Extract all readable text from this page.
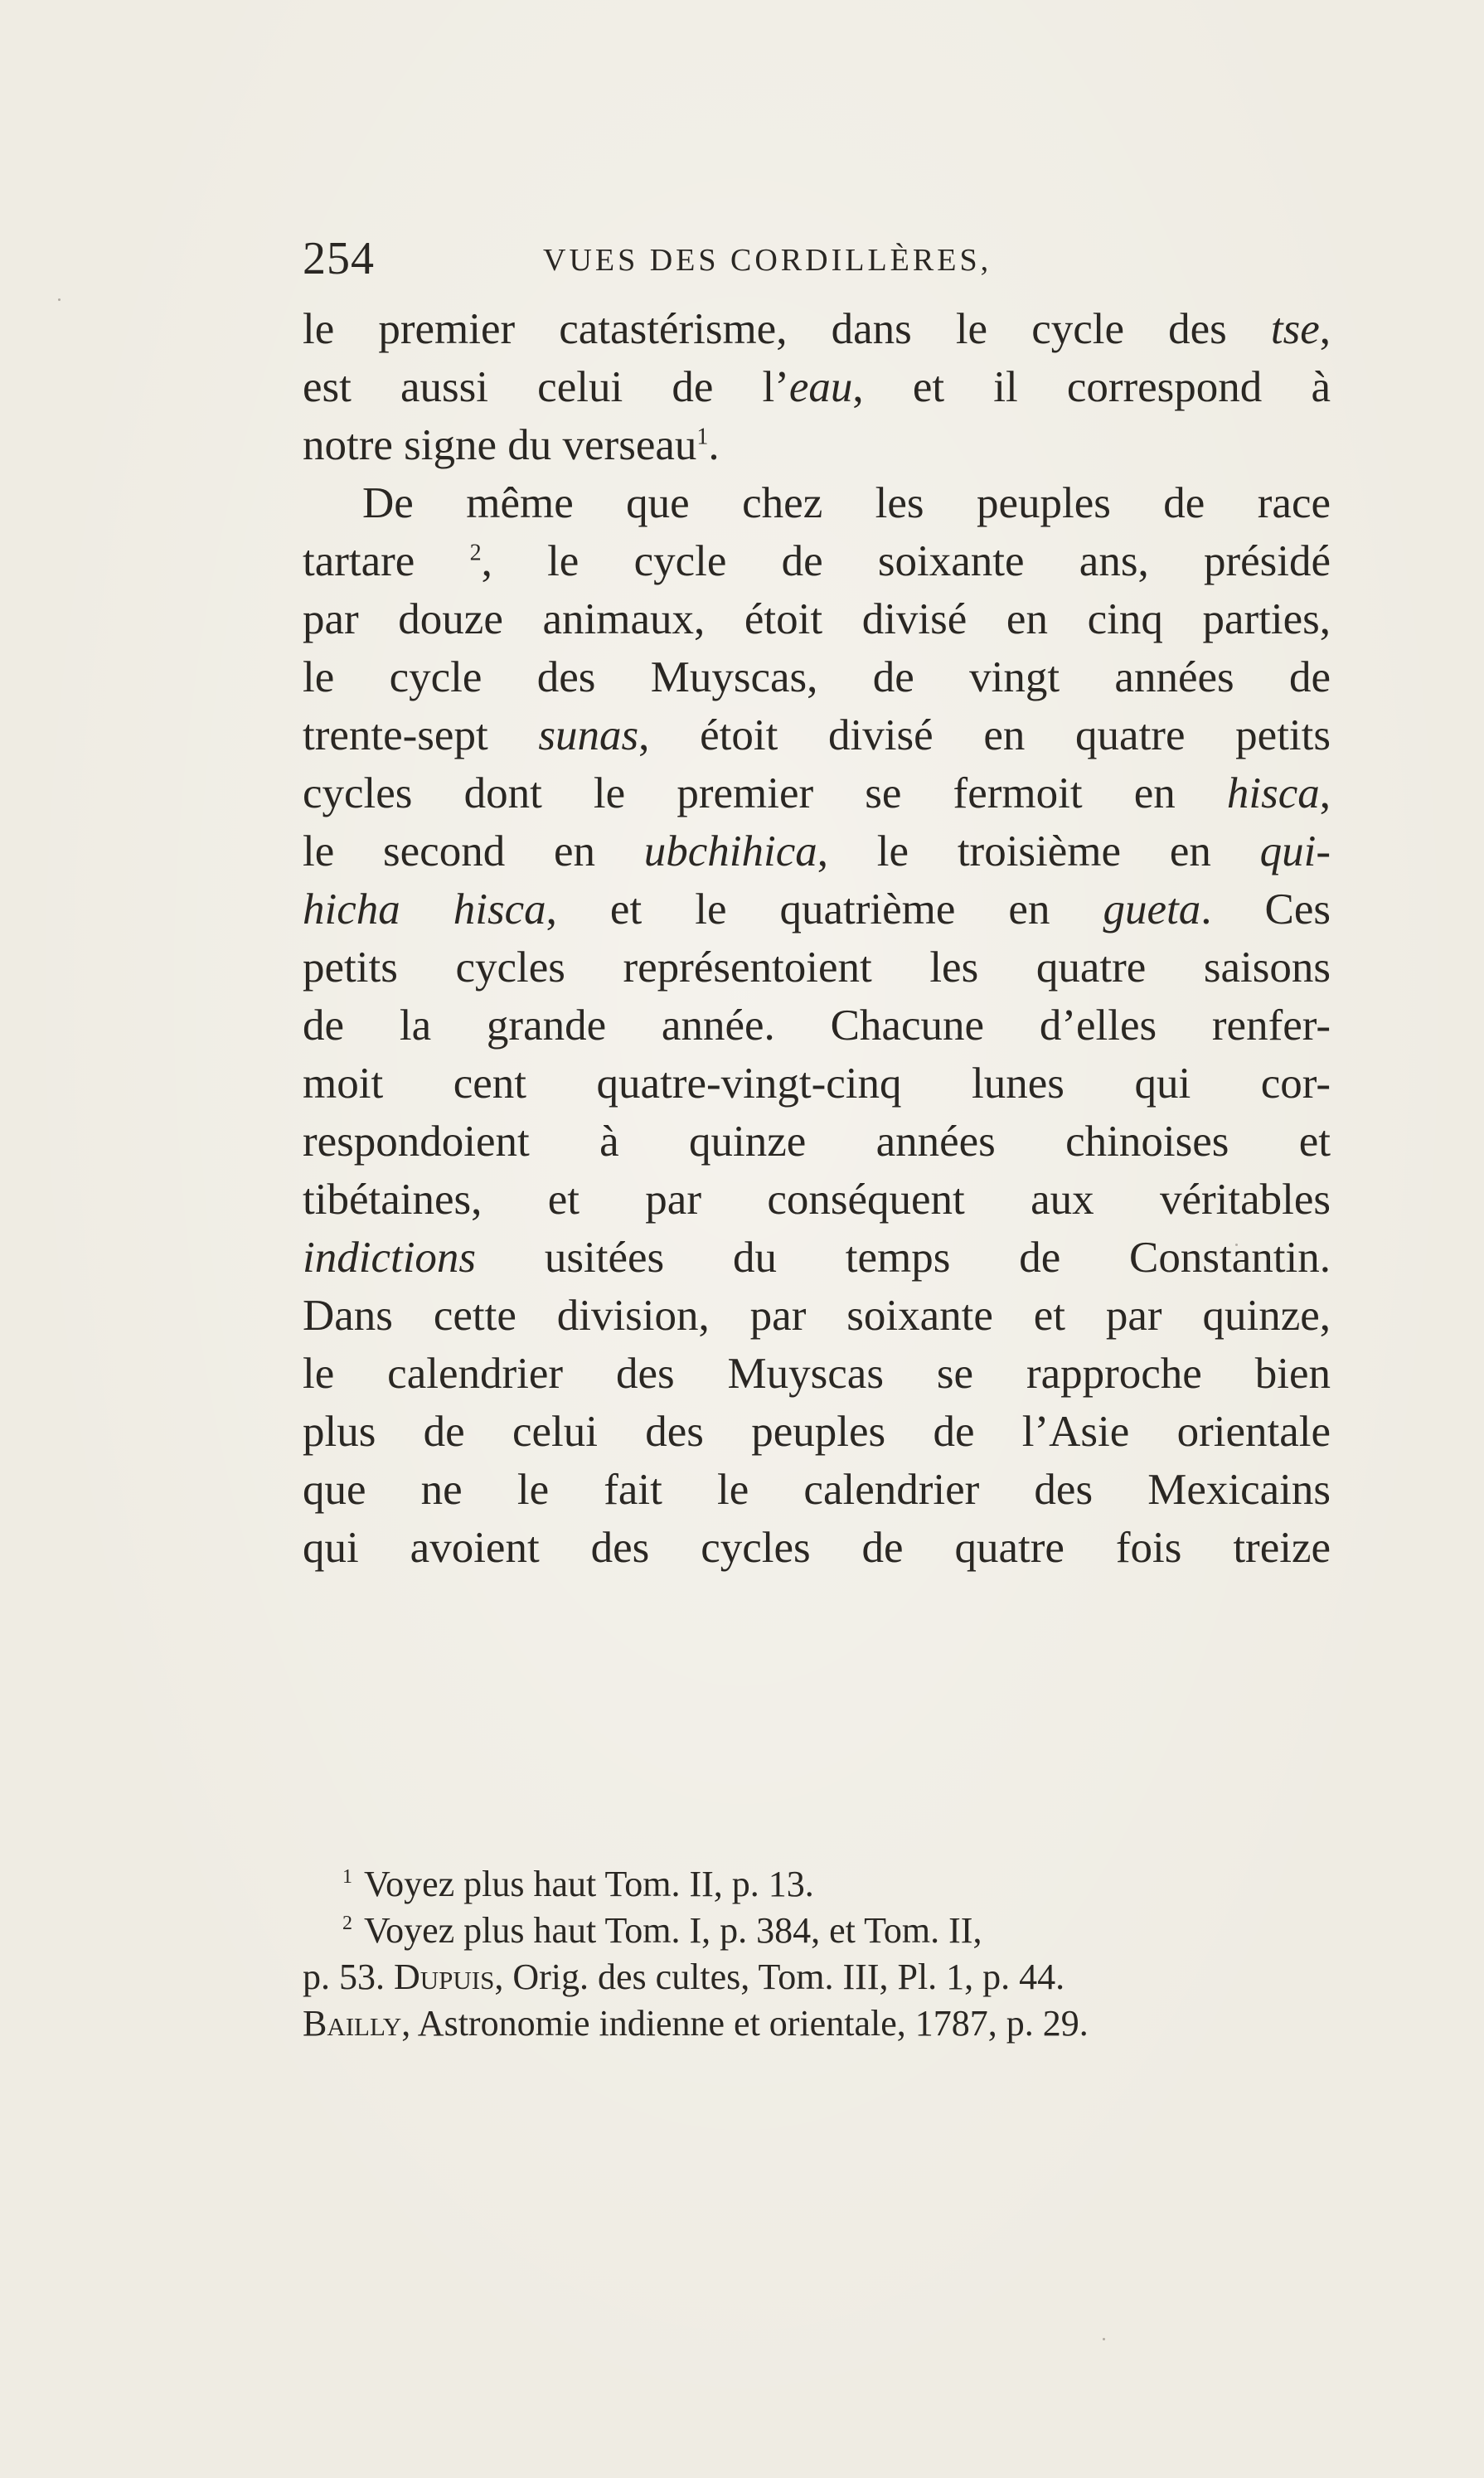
254	VUES DES CORDILLÈRES,
le premier catastérisme, dans le cycle des tse,
est aussi celui de l’eau, et il correspond à
notre signe du verseau$^1$.
De même que chez les peuples de race
tartare $^2$, le cycle de soixante ans, présidé
par douze animaux, étoit divisé en cinq parties,
le cycle des Muyscas, de vingt années de
trente-sept sunas, étoit divisé en quatre petits
cycles dont le premier se fermoit en hisca,
le second en ubchihica, le troisième en qui-
hicha hisca, et le quatrième en gueta. Ces
petits cycles représentoient les quatre saisons
de la grande année. Chacune d’elles renfer-
moit cent quatre-vingt-cinq lunes qui cor-
respondoient à quinze années chinoises et
tibétaines, et par conséquent aux véritables
indictions usitées du temps de Constantin.
Dans cette division, par soixante et par quinze,
le calendrier des Muyscas se rapproche bien
plus de celui des peuples de l’Asie orientale
que ne le fait le calendrier des Mexicains
qui avoient des cycles de quatre fois treize
$^1$ Voyez plus haut Tom. II, p. 13.
$^2$ Voyez plus haut Tom. I, p. 384, et Tom. II,
p. 53. Dupuis, Orig. des cultes, Tom. III, Pl. 1, p. 44.
Bailly, Astronomie indienne et orientale, 1787, p. 29.
